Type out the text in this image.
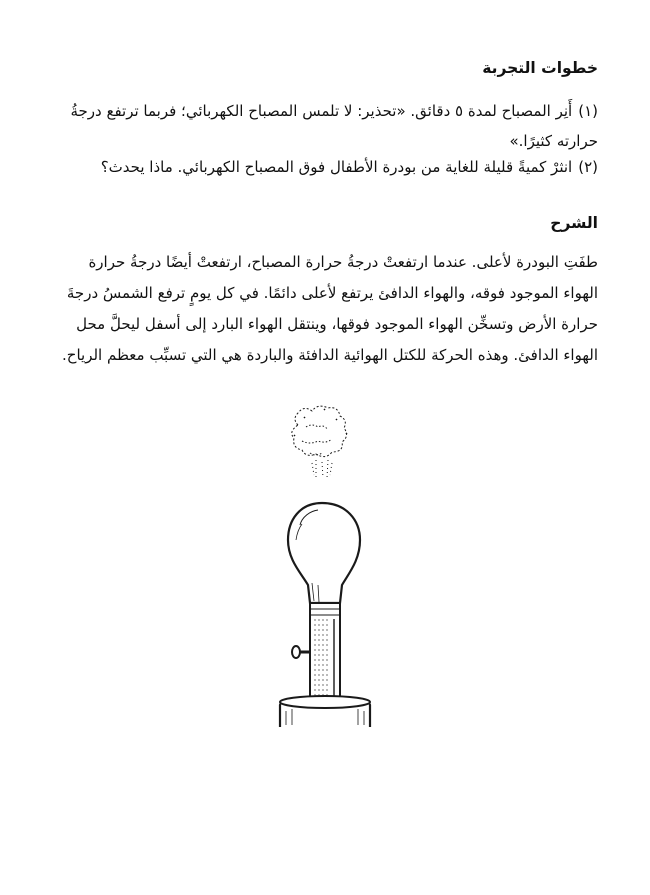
خطوات التجربة
(١)أَنِر المصباح لمدة ٥ دقائق. «تحذير: لا تلمس المصباح الكهربائي؛ فربما ترتفع درجةُ حرارته كثيرًا.»
(٢)انثرْ كميةً قليلة للغاية من بودرة الأطفال فوق المصباح الكهربائي. ماذا يحدث؟
الشرح
طفَتِ البودرة لأعلى. عندما ارتفعتْ درجةُ حرارة المصباح، ارتفعتْ أيضًا درجةُ حرارة
الهواء الموجود فوقه، والهواء الدافئ يرتفع لأعلى دائمًا. في كل يومٍ ترفع الشمسُ درجةَ
حرارة الأرض وتسخِّن الهواء الموجود فوقها، وينتقل الهواء البارد إلى أسفل ليحلَّ محل
الهواء الدافئ. وهذه الحركة للكتل الهوائية الدافئة والباردة هي التي تسبِّب معظم الرياح.
